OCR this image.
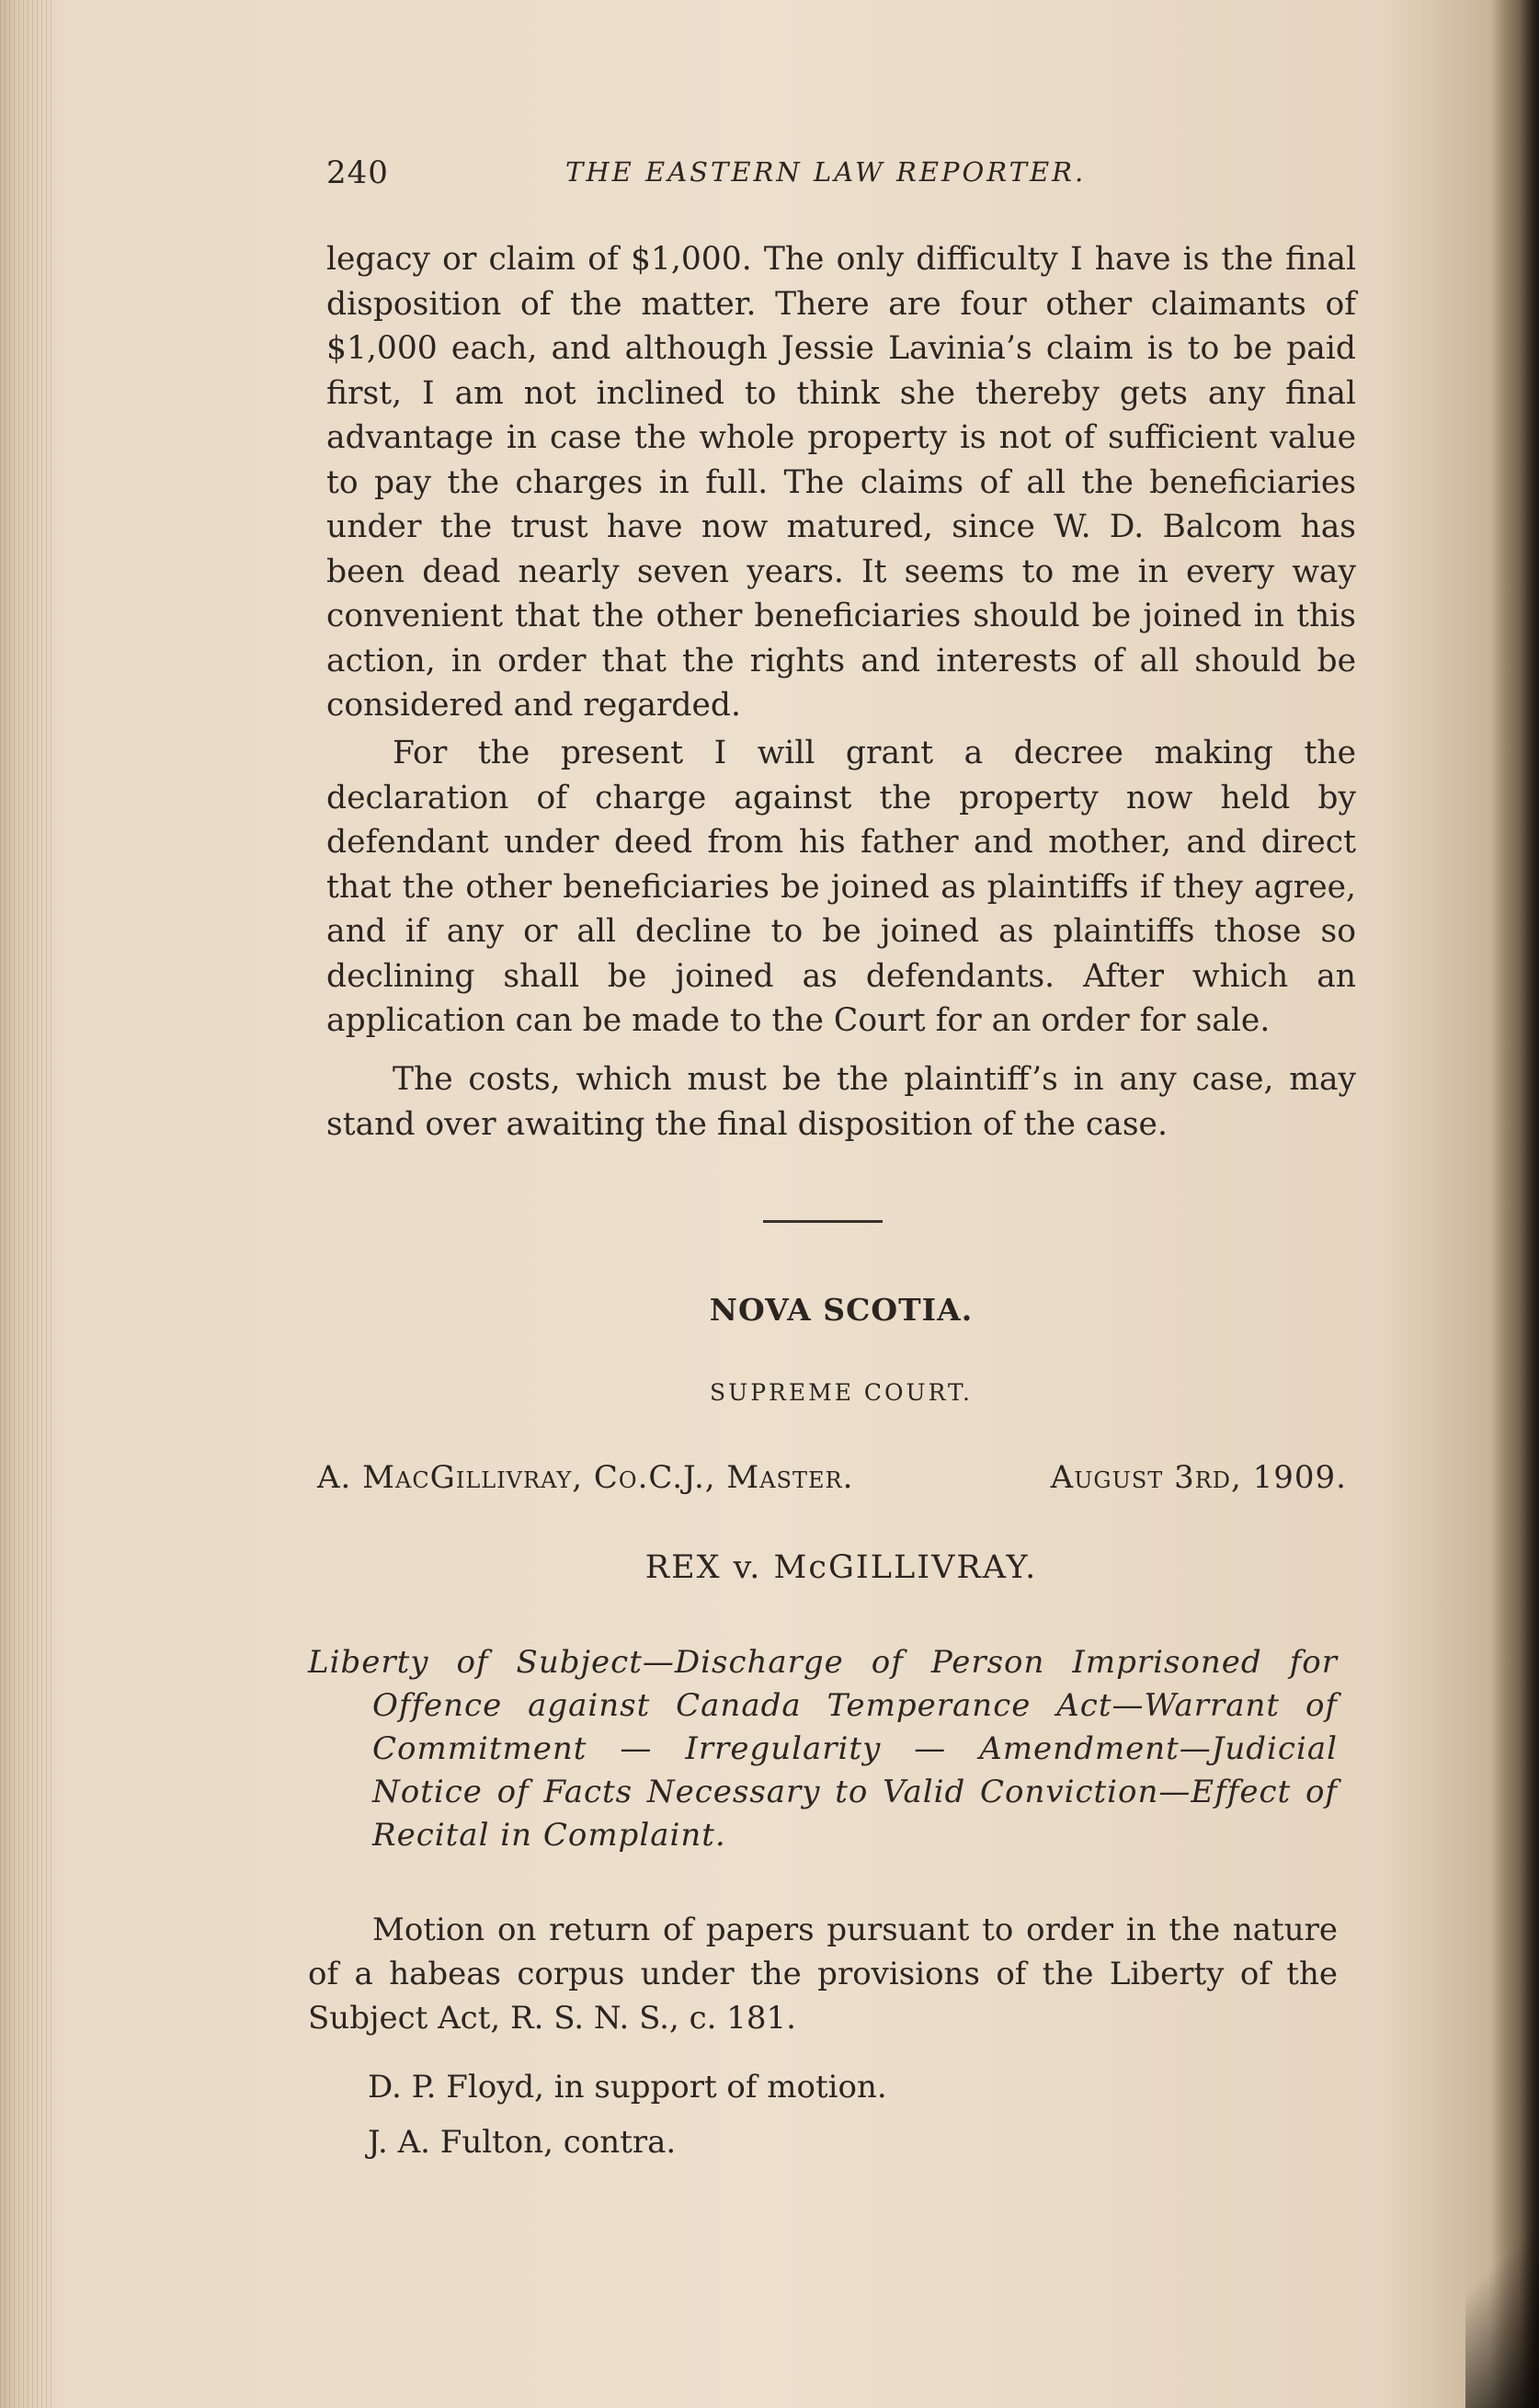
240	THE EASTERN LAW REPORTER.
legacy or claim of $1,000. The only difficulty I have is the final disposition of the matter. There are four other claimants of $1,000 each, and although Jessie Lavinia’s claim is to be paid first, I am not inclined to think she thereby gets any final advantage in case the whole property is not of sufficient value to pay the charges in full. The claims of all the beneficiaries under the trust have now matured, since W. D. Balcom has been dead nearly seven years. It seems to me in every way convenient that the other beneficiaries should be joined in this action, in order that the rights and interests of all should be considered and regarded.
For the present I will grant a decree making the declaration of charge against the property now held by defendant under deed from his father and mother, and direct that the other beneficiaries be joined as plaintiffs if they agree, and if any or all decline to be joined as plaintiffs those so declining shall be joined as defendants. After which an application can be made to the Court for an order for sale.
The costs, which must be the plaintiff’s in any case, may stand over awaiting the final disposition of the case.
NOVA SCOTIA.
SUPREME COURT.
A. MacGillivray, Co.C.J., Master.	August 3rd, 1909.
REX v. McGILLIVRAY.
Liberty of Subject—Discharge of Person Imprisoned for Offence against Canada Temperance Act—Warrant of Commitment — Irregularity — Amendment—Judicial Notice of Facts Necessary to Valid Conviction—Effect of Recital in Complaint.
Motion on return of papers pursuant to order in the nature of a habeas corpus under the provisions of the Liberty of the Subject Act, R. S. N. S., c. 181.
D. P. Floyd, in support of motion.
J. A. Fulton, contra.
